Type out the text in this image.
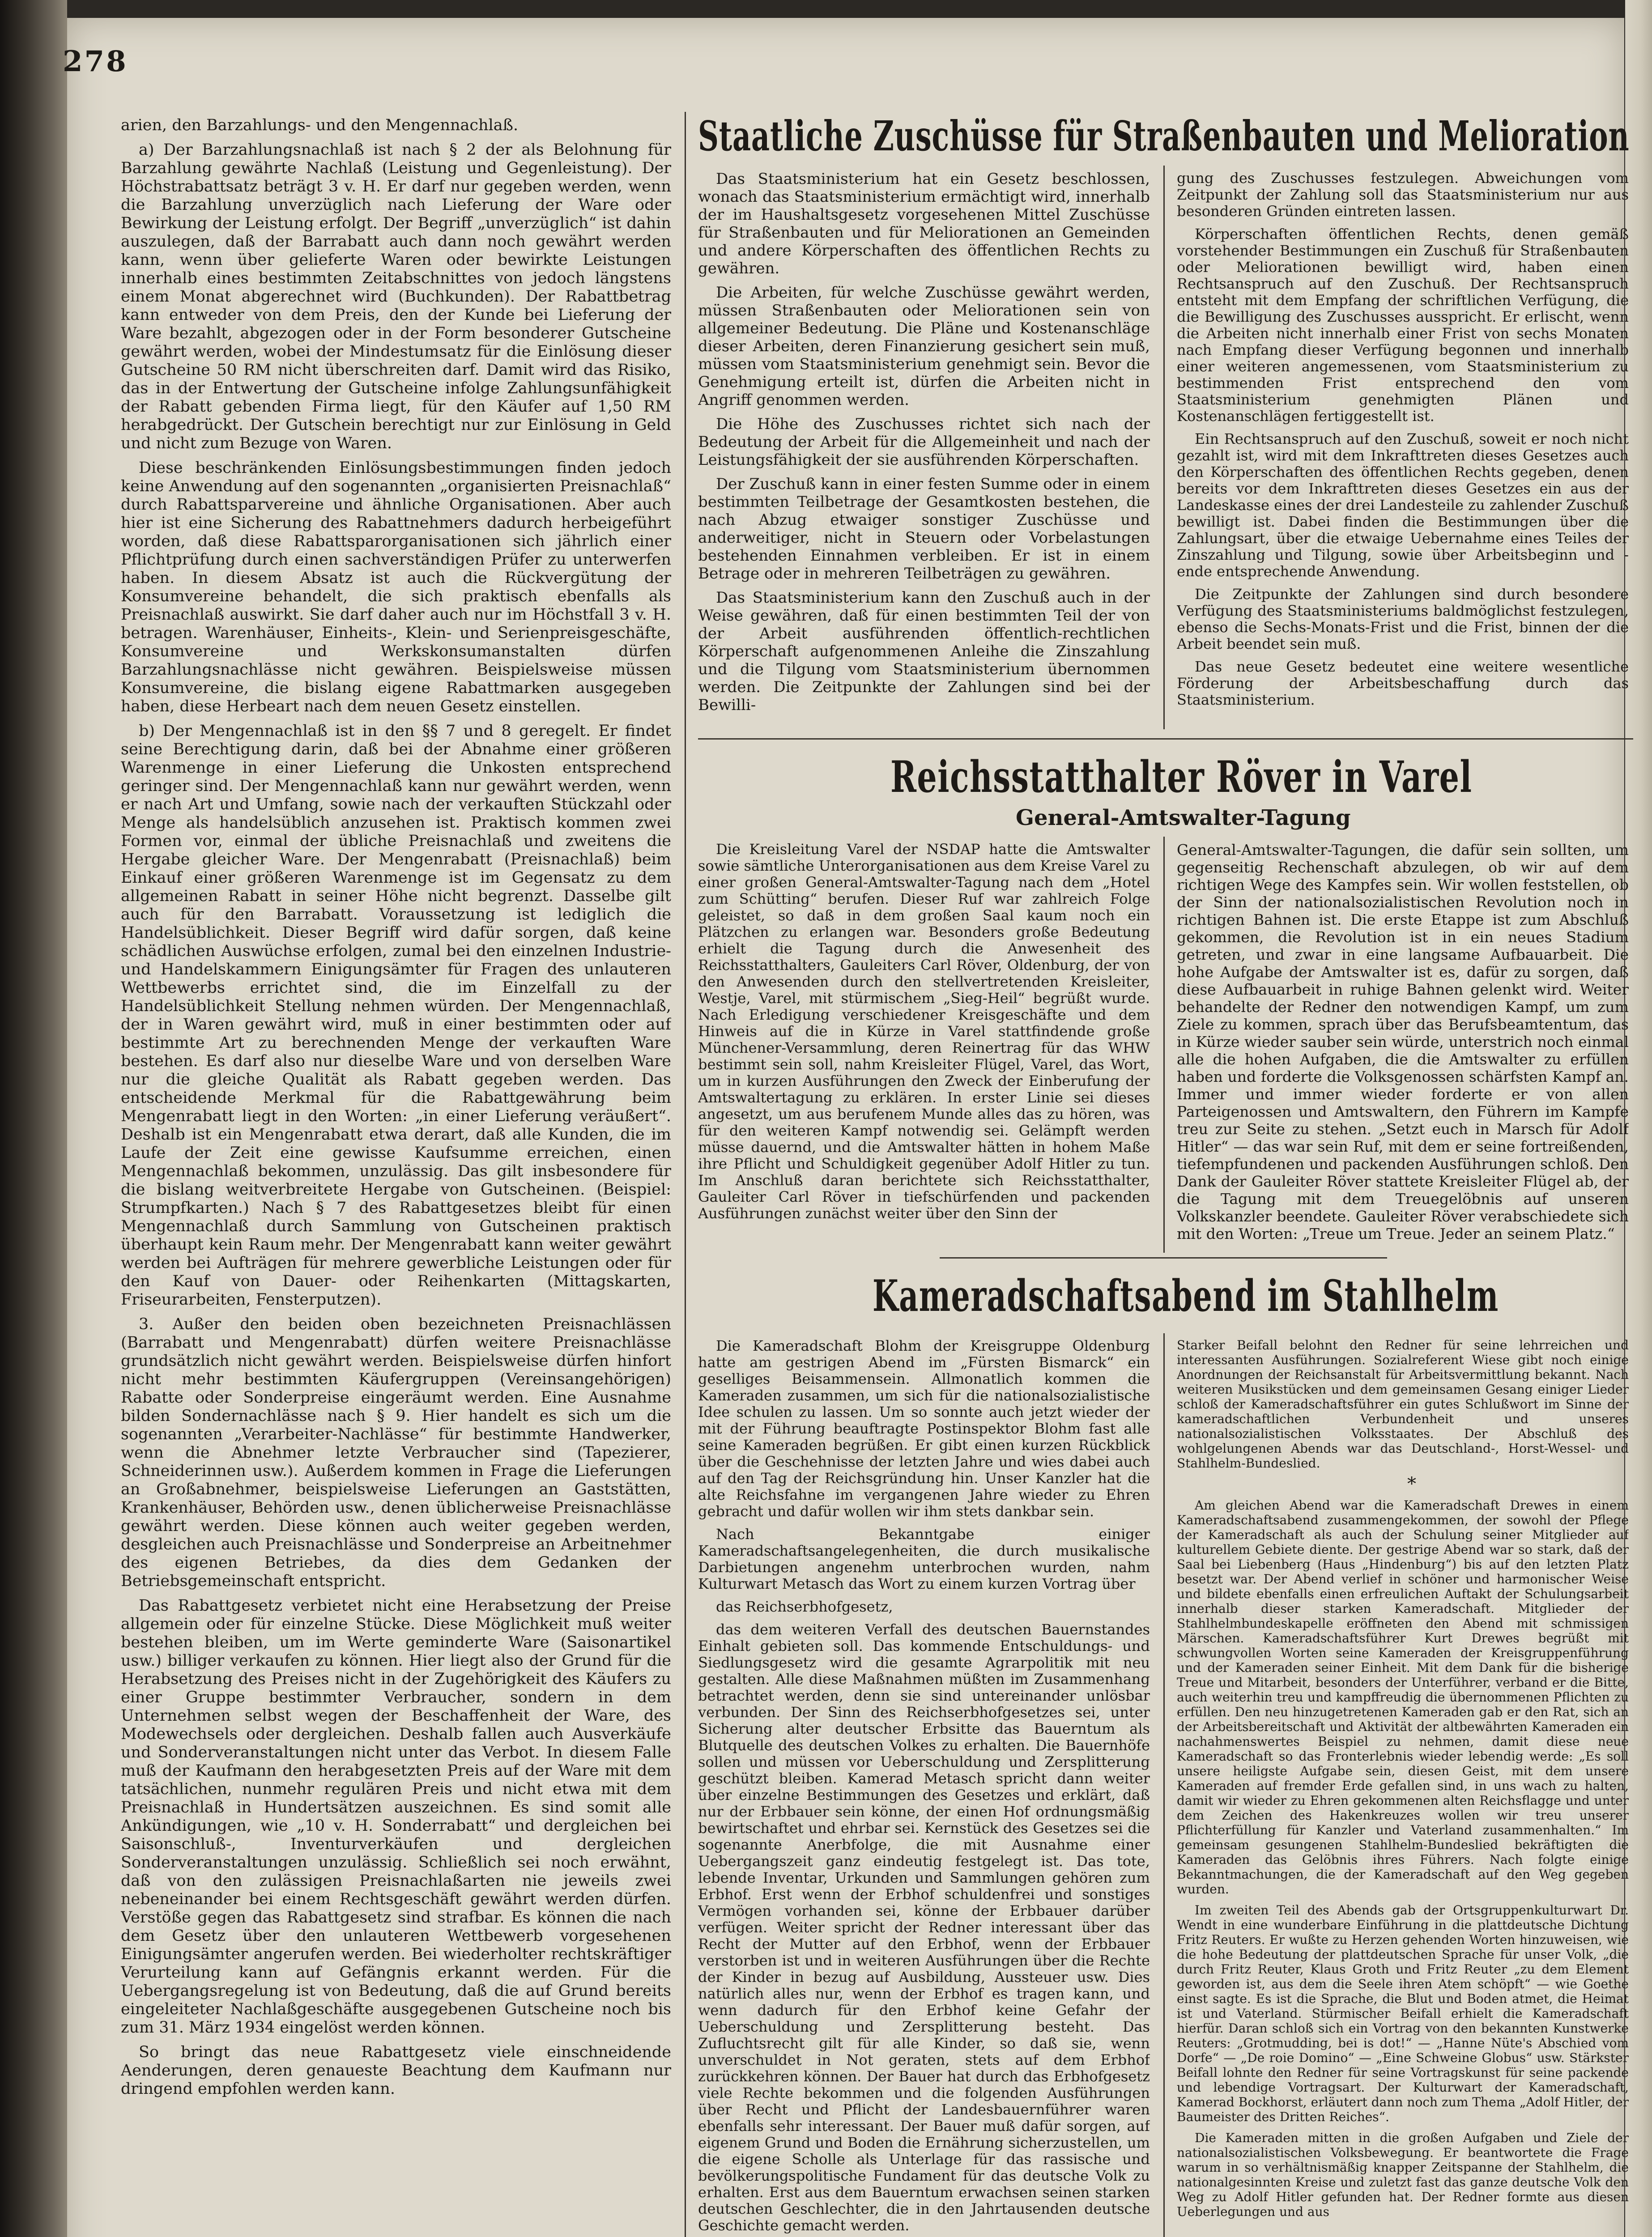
278

arien, den Barzahlungs- und den Mengennachlaß.

a) Der Barzahlungsnachlaß ist nach § 2 der als Belohnung für Barzahlung gewährte Nachlaß (Leistung und Gegenleistung). Der Höchstrabattsatz beträgt 3 v. H. Er darf nur gegeben werden, wenn die Barzahlung unverzüglich nach Lieferung der Ware oder Bewirkung der Leistung erfolgt. Der Begriff „unverzüglich“ ist dahin auszulegen, daß der Barrabatt auch dann noch gewährt werden kann, wenn über gelieferte Waren oder bewirkte Leistungen innerhalb eines bestimmten Zeitabschnittes von jedoch längstens einem Monat abgerechnet wird (Buchkunden). Der Rabattbetrag kann entweder von dem Preis, den der Kunde bei Lieferung der Ware bezahlt, abgezogen oder in der Form besonderer Gutscheine gewährt werden, wobei der Mindestumsatz für die Einlösung dieser Gutscheine 50 RM nicht überschreiten darf. Damit wird das Risiko, das in der Entwertung der Gutscheine infolge Zahlungsunfähigkeit der Rabatt gebenden Firma liegt, für den Käufer auf 1,50 RM herabgedrückt. Der Gutschein berechtigt nur zur Einlösung in Geld und nicht zum Bezuge von Waren.

Diese beschränkenden Einlösungsbestimmungen finden jedoch keine Anwendung auf den sogenannten „organisierten Preisnachlaß“ durch Rabattsparvereine und ähnliche Organisationen. Aber auch hier ist eine Sicherung des Rabattnehmers dadurch herbeigeführt worden, daß diese Rabattsparorganisationen sich jährlich einer Pflichtprüfung durch einen sachverständigen Prüfer zu unterwerfen haben. In diesem Absatz ist auch die Rückvergütung der Konsumvereine behandelt, die sich praktisch ebenfalls als Preisnachlaß auswirkt. Sie darf daher auch nur im Höchstfall 3 v. H. betragen. Warenhäuser, Einheits-, Klein- und Serienpreisgeschäfte, Konsumvereine und Werkskonsumanstalten dürfen Barzahlungsnachlässe nicht gewähren. Beispielsweise müssen Konsumvereine, die bislang eigene Rabattmarken ausgegeben haben, diese Herbeart nach dem neuen Gesetz einstellen.

b) Der Mengennachlaß ist in den §§ 7 und 8 geregelt. Er findet seine Berechtigung darin, daß bei der Abnahme einer größeren Warenmenge in einer Lieferung die Unkosten entsprechend geringer sind. Der Mengennachlaß kann nur gewährt werden, wenn er nach Art und Umfang, sowie nach der verkauften Stückzahl oder Menge als handelsüblich anzusehen ist. Praktisch kommen zwei Formen vor, einmal der übliche Preisnachlaß und zweitens die Hergabe gleicher Ware. Der Mengenrabatt (Preisnachlaß) beim Einkauf einer größeren Warenmenge ist im Gegensatz zu dem allgemeinen Rabatt in seiner Höhe nicht begrenzt. Dasselbe gilt auch für den Barrabatt. Voraussetzung ist lediglich die Handelsüblichkeit. Dieser Begriff wird dafür sorgen, daß keine schädlichen Auswüchse erfolgen, zumal bei den einzelnen Industrie- und Handelskammern Einigungsämter für Fragen des unlauteren Wettbewerbs errichtet sind, die im Einzelfall zu der Handelsüblichkeit Stellung nehmen würden. Der Mengennachlaß, der in Waren gewährt wird, muß in einer bestimmten oder auf bestimmte Art zu berechnenden Menge der verkauften Ware bestehen. Es darf also nur dieselbe Ware und von derselben Ware nur die gleiche Qualität als Rabatt gegeben werden. Das entscheidende Merkmal für die Rabattgewährung beim Mengenrabatt liegt in den Worten: „in einer Lieferung veräußert“. Deshalb ist ein Mengenrabatt etwa derart, daß alle Kunden, die im Laufe der Zeit eine gewisse Kaufsumme erreichen, einen Mengennachlaß bekommen, unzulässig. Das gilt insbesondere für die bislang weitverbreitete Hergabe von Gutscheinen. (Beispiel: Strumpfkarten.) Nach § 7 des Rabattgesetzes bleibt für einen Mengennachlaß durch Sammlung von Gutscheinen praktisch überhaupt kein Raum mehr. Der Mengenrabatt kann weiter gewährt werden bei Aufträgen für mehrere gewerbliche Leistungen oder für den Kauf von Dauer- oder Reihenkarten (Mittagskarten, Friseurarbeiten, Fensterputzen).

3. Außer den beiden oben bezeichneten Preisnachlässen (Barrabatt und Mengenrabatt) dürfen weitere Preisnachlässe grundsätzlich nicht gewährt werden. Beispielsweise dürfen hinfort nicht mehr bestimmten Käufergruppen (Vereinsangehörigen) Rabatte oder Sonderpreise eingeräumt werden. Eine Ausnahme bilden Sondernachlässe nach § 9. Hier handelt es sich um die sogenannten „Verarbeiter-Nachlässe“ für bestimmte Handwerker, wenn die Abnehmer letzte Verbraucher sind (Tapezierer, Schneiderinnen usw.). Außerdem kommen in Frage die Lieferungen an Großabnehmer, beispielsweise Lieferungen an Gaststätten, Krankenhäuser, Behörden usw., denen üblicherweise Preisnachlässe gewährt werden. Diese können auch weiter gegeben werden, desgleichen auch Preisnachlässe und Sonderpreise an Arbeitnehmer des eigenen Betriebes, da dies dem Gedanken der Betriebsgemeinschaft entspricht.

Das Rabattgesetz verbietet nicht eine Herabsetzung der Preise allgemein oder für einzelne Stücke. Diese Möglichkeit muß weiter bestehen bleiben, um im Werte geminderte Ware (Saisonartikel usw.) billiger verkaufen zu können. Hier liegt also der Grund für die Herabsetzung des Preises nicht in der Zugehörigkeit des Käufers zu einer Gruppe bestimmter Verbraucher, sondern in dem Unternehmen selbst wegen der Beschaffenheit der Ware, des Modewechsels oder dergleichen. Deshalb fallen auch Ausverkäufe und Sonderveranstaltungen nicht unter das Verbot. In diesem Falle muß der Kaufmann den herabgesetzten Preis auf der Ware mit dem tatsächlichen, nunmehr regulären Preis und nicht etwa mit dem Preisnachlaß in Hundertsätzen auszeichnen. Es sind somit alle Ankündigungen, wie „10 v. H. Sonderrabatt“ und dergleichen bei Saisonschluß-, Inventurverkäufen und dergleichen Sonderveranstaltungen unzulässig. Schließlich sei noch erwähnt, daß von den zulässigen Preisnachlaßarten nie jeweils zwei nebeneinander bei einem Rechtsgeschäft gewährt werden dürfen. Verstöße gegen das Rabattgesetz sind strafbar. Es können die nach dem Gesetz über den unlauteren Wettbewerb vorgesehenen Einigungsämter angerufen werden. Bei wiederholter rechtskräftiger Verurteilung kann auf Gefängnis erkannt werden. Für die Uebergangsregelung ist von Bedeutung, daß die auf Grund bereits eingeleiteter Nachlaßgeschäfte ausgegebenen Gutscheine noch bis zum 31. März 1934 eingelöst werden können.

So bringt das neue Rabattgesetz viele einschneidende Aenderungen, deren genaueste Beachtung dem Kaufmann nur dringend empfohlen werden kann.

Staatliche Zuschüsse für Straßenbauten und Melioration

Das Staatsministerium hat ein Gesetz beschlossen, wonach das Staatsministerium ermächtigt wird, innerhalb der im Haushaltsgesetz vorgesehenen Mittel Zuschüsse für Straßenbauten und für Meliorationen an Gemeinden und andere Körperschaften des öffentlichen Rechts zu gewähren.

Die Arbeiten, für welche Zuschüsse gewährt werden, müssen Straßenbauten oder Meliorationen sein von allgemeiner Bedeutung. Die Pläne und Kostenanschläge dieser Arbeiten, deren Finanzierung gesichert sein muß, müssen vom Staatsministerium genehmigt sein. Bevor die Genehmigung erteilt ist, dürfen die Arbeiten nicht in Angriff genommen werden.

Die Höhe des Zuschusses richtet sich nach der Bedeutung der Arbeit für die Allgemeinheit und nach der Leistungsfähigkeit der sie ausführenden Körperschaften.

Der Zuschuß kann in einer festen Summe oder in einem bestimmten Teilbetrage der Gesamtkosten bestehen, die nach Abzug etwaiger sonstiger Zuschüsse und anderweitiger, nicht in Steuern oder Vorbelastungen bestehenden Einnahmen verbleiben. Er ist in einem Betrage oder in mehreren Teilbeträgen zu gewähren.

Das Staatsministerium kann den Zuschuß auch in der Weise gewähren, daß für einen bestimmten Teil der von der Arbeit ausführenden öffentlich-rechtlichen Körperschaft aufgenommenen Anleihe die Zinszahlung und die Tilgung vom Staatsministerium übernommen werden. Die Zeitpunkte der Zahlungen sind bei der Bewilli-

gung des Zuschusses festzulegen. Abweichungen vom Zeitpunkt der Zahlung soll das Staatsministerium nur aus besonderen Gründen eintreten lassen.

Körperschaften öffentlichen Rechts, denen gemäß vorstehender Bestimmungen ein Zuschuß für Straßenbauten oder Meliorationen bewilligt wird, haben einen Rechtsanspruch auf den Zuschuß. Der Rechtsanspruch entsteht mit dem Empfang der schriftlichen Verfügung, die die Bewilligung des Zuschusses ausspricht. Er erlischt, wenn die Arbeiten nicht innerhalb einer Frist von sechs Monaten nach Empfang dieser Verfügung begonnen und innerhalb einer weiteren angemessenen, vom Staatsministerium zu bestimmenden Frist entsprechend den vom Staatsministerium genehmigten Plänen und Kostenanschlägen fertiggestellt ist.

Ein Rechtsanspruch auf den Zuschuß, soweit er noch nicht gezahlt ist, wird mit dem Inkrafttreten dieses Gesetzes auch den Körperschaften des öffentlichen Rechts gegeben, denen bereits vor dem Inkrafttreten dieses Gesetzes ein aus der Landeskasse eines der drei Landesteile zu zahlender Zuschuß bewilligt ist. Dabei finden die Bestimmungen über die Zahlungsart, über die etwaige Uebernahme eines Teiles der Zinszahlung und Tilgung, sowie über Arbeitsbeginn und -ende entsprechende Anwendung.

Die Zeitpunkte der Zahlungen sind durch besondere Verfügung des Staatsministeriums baldmöglichst festzulegen, ebenso die Sechs-Monats-Frist und die Frist, binnen der die Arbeit beendet sein muß.

Das neue Gesetz bedeutet eine weitere wesentliche Förderung der Arbeitsbeschaffung durch das Staatsministerium.

Reichsstatthalter Röver in Varel
General-Amtswalter-Tagung

Die Kreisleitung Varel der NSDAP hatte die Amtswalter sowie sämtliche Unterorganisationen aus dem Kreise Varel zu einer großen General-Amtswalter-Tagung nach dem „Hotel zum Schütting“ berufen. Dieser Ruf war zahlreich Folge geleistet, so daß in dem großen Saal kaum noch ein Plätzchen zu erlangen war. Besonders große Bedeutung erhielt die Tagung durch die Anwesenheit des Reichsstatthalters, Gauleiters Carl Röver, Oldenburg, der von den Anwesenden durch den stellvertretenden Kreisleiter, Westje, Varel, mit stürmischem „Sieg-Heil“ begrüßt wurde. Nach Erledigung verschiedener Kreisgeschäfte und dem Hinweis auf die in Kürze in Varel stattfindende große Münchener-Versammlung, deren Reinertrag für das WHW bestimmt sein soll, nahm Kreisleiter Flügel, Varel, das Wort, um in kurzen Ausführungen den Zweck der Einberufung der Amtswaltertagung zu erklären. In erster Linie sei dieses angesetzt, um aus berufenem Munde alles das zu hören, was für den weiteren Kampf notwendig sei. Gelämpft werden müsse dauernd, und die Amtswalter hätten in hohem Maße ihre Pflicht und Schuldigkeit gegenüber Adolf Hitler zu tun. Im Anschluß daran berichtete sich Reichsstatthalter, Gauleiter Carl Röver in tiefschürfenden und packenden Ausführungen zunächst weiter über den Sinn der

General-Amtswalter-Tagungen, die dafür sein sollten, um gegenseitig Rechenschaft abzulegen, ob wir auf dem richtigen Wege des Kampfes sein. Wir wollen feststellen, ob der Sinn der nationalsozialistischen Revolution noch in richtigen Bahnen ist. Die erste Etappe ist zum Abschluß gekommen, die Revolution ist in ein neues Stadium getreten, und zwar in eine langsame Aufbauarbeit. Die hohe Aufgabe der Amtswalter ist es, dafür zu sorgen, daß diese Aufbauarbeit in ruhige Bahnen gelenkt wird. Weiter behandelte der Redner den notwendigen Kampf, um zum Ziele zu kommen, sprach über das Berufsbeamtentum, das in Kürze wieder sauber sein würde, unterstrich noch einmal alle die hohen Aufgaben, die die Amtswalter zu erfüllen haben und forderte die Volksgenossen schärfsten Kampf an. Immer und immer wieder forderte er von allen Parteigenossen und Amtswaltern, den Führern im Kampfe treu zur Seite zu stehen. „Setzt euch in Marsch für Adolf Hitler“ — das war sein Ruf, mit dem er seine fortreißenden, tiefempfundenen und packenden Ausführungen schloß. Den Dank der Gauleiter Röver stattete Kreisleiter Flügel ab, der die Tagung mit dem Treuegelöbnis auf unseren Volkskanzler beendete. Gauleiter Röver verabschiedete sich mit den Worten: „Treue um Treue. Jeder an seinem Platz.“

Kameradschaftsabend im Stahlhelm

Die Kameradschaft Blohm der Kreisgruppe Oldenburg hatte am gestrigen Abend im „Fürsten Bismarck“ ein geselliges Beisammensein. Allmonatlich kommen die Kameraden zusammen, um sich für die nationalsozialistische Idee schulen zu lassen. Um so sonnte auch jetzt wieder der mit der Führung beauftragte Postinspektor Blohm fast alle seine Kameraden begrüßen. Er gibt einen kurzen Rückblick über die Geschehnisse der letzten Jahre und wies dabei auch auf den Tag der Reichsgründung hin. Unser Kanzler hat die alte Reichsfahne im vergangenen Jahre wieder zu Ehren gebracht und dafür wollen wir ihm stets dankbar sein.

Nach Bekanntgabe einiger Kameradschaftsangelegenheiten, die durch musikalische Darbietungen angenehm unterbrochen wurden, nahm Kulturwart Metasch das Wort zu einem kurzen Vortrag über

das Reichserbhofgesetz,

das dem weiteren Verfall des deutschen Bauernstandes Einhalt gebieten soll. Das kommende Entschuldungs- und Siedlungsgesetz wird die gesamte Agrarpolitik mit neu gestalten. Alle diese Maßnahmen müßten im Zusammenhang betrachtet werden, denn sie sind untereinander unlösbar verbunden. Der Sinn des Reichserbhofgesetzes sei, unter Sicherung alter deutscher Erbsitte das Bauerntum als Blutquelle des deutschen Volkes zu erhalten. Die Bauernhöfe sollen und müssen vor Ueberschuldung und Zersplitterung geschützt bleiben. Kamerad Metasch spricht dann weiter über einzelne Bestimmungen des Gesetzes und erklärt, daß nur der Erbbauer sein könne, der einen Hof ordnungsmäßig bewirtschaftet und ehrbar sei. Kernstück des Gesetzes sei die sogenannte Anerbfolge, die mit Ausnahme einer Uebergangszeit ganz eindeutig festgelegt ist. Das tote, lebende Inventar, Urkunden und Sammlungen gehören zum Erbhof. Erst wenn der Erbhof schuldenfrei und sonstiges Vermögen vorhanden sei, könne der Erbbauer darüber verfügen. Weiter spricht der Redner interessant über das Recht der Mutter auf den Erbhof, wenn der Erbbauer verstorben ist und in weiteren Ausführungen über die Rechte der Kinder in bezug auf Ausbildung, Aussteuer usw. Dies natürlich alles nur, wenn der Erbhof es tragen kann, und wenn dadurch für den Erbhof keine Gefahr der Ueberschuldung und Zersplitterung besteht. Das Zufluchtsrecht gilt für alle Kinder, so daß sie, wenn unverschuldet in Not geraten, stets auf dem Erbhof zurückkehren können. Der Bauer hat durch das Erbhofgesetz viele Rechte bekommen und die folgenden Ausführungen über Recht und Pflicht der Landesbauernführer waren ebenfalls sehr interessant. Der Bauer muß dafür sorgen, auf eigenem Grund und Boden die Ernährung sicherzustellen, um die eigene Scholle als Unterlage für das rassische und bevölkerungspolitische Fundament für das deutsche Volk zu erhalten. Erst aus dem Bauerntum erwachsen seinen starken deutschen Geschlechter, die in den Jahrtausenden deutsche Geschichte gemacht werden.

Starker Beifall belohnt den Redner für seine lehrreichen und interessanten Ausführungen. Sozialreferent Wiese gibt noch einige Anordnungen der Reichsanstalt für Arbeitsvermittlung bekannt. Nach weiteren Musikstücken und dem gemeinsamen Gesang einiger Lieder schloß der Kameradschaftsführer ein gutes Schlußwort im Sinne der kameradschaftlichen Verbundenheit und unseres nationalsozialistischen Volksstaates. Der Abschluß des wohlgelungenen Abends war das Deutschland-, Horst-Wessel- und Stahlhelm-Bundeslied.

*

Am gleichen Abend war die Kameradschaft Drewes in einem Kameradschaftsabend zusammengekommen, der sowohl der Pflege der Kameradschaft als auch der Schulung seiner Mitglieder auf kulturellem Gebiete diente. Der gestrige Abend war so stark, daß der Saal bei Liebenberg (Haus „Hindenburg“) bis auf den letzten Platz besetzt war. Der Abend verlief in schöner und harmonischer Weise und bildete ebenfalls einen erfreulichen Auftakt der Schulungsarbeit innerhalb dieser starken Kameradschaft. Mitglieder der Stahlhelmbundeskapelle eröffneten den Abend mit schmissigen Märschen. Kameradschaftsführer Kurt Drewes begrüßt mit schwungvollen Worten seine Kameraden der Kreisgruppenführung und der Kameraden seiner Einheit. Mit dem Dank für die bisherige Treue und Mitarbeit, besonders der Unterführer, verband er die Bitte, auch weiterhin treu und kampffreudig die übernommenen Pflichten zu erfüllen. Den neu hinzugetretenen Kameraden gab er den Rat, sich an der Arbeitsbereitschaft und Aktivität der altbewährten Kameraden ein nachahmenswertes Beispiel zu nehmen, damit diese neue Kameradschaft so das Fronterlebnis wieder lebendig werde: „Es soll unsere heiligste Aufgabe sein, diesen Geist, mit dem unsere Kameraden auf fremder Erde gefallen sind, in uns wach zu halten, damit wir wieder zu Ehren gekommenen alten Reichsflagge und unter dem Zeichen des Hakenkreuzes wollen wir treu unserer Pflichterfüllung für Kanzler und Vaterland zusammenhalten.“ Im gemeinsam gesungenen Stahlhelm-Bundeslied bekräftigten die Kameraden das Gelöbnis ihres Führers. Nach folgte einige Bekanntmachungen, die der Kameradschaft auf den Weg gegeben wurden.

Im zweiten Teil des Abends gab der Ortsgruppenkulturwart Dr. Wendt in eine wunderbare Einführung in die plattdeutsche Dichtung Fritz Reuters. Er wußte zu Herzen gehenden Worten hinzuweisen, wie die hohe Bedeutung der plattdeutschen Sprache für unser Volk, „die durch Fritz Reuter, Klaus Groth und Fritz Reuter „zu dem Element geworden ist, aus dem die Seele ihren Atem schöpft“ — wie Goethe einst sagte. Es ist die Sprache, die Blut und Boden atmet, die Heimat ist und Vaterland. Stürmischer Beifall erhielt die Kameradschaft hierfür. Daran schloß sich ein Vortrag von den bekannten Kunstwerke Reuters: „Grotmudding, bei is dot!“ — „Hanne Nüte's Abschied vom Dorfe“ — „De roie Domino“ — „Eine Schweine Globus“ usw. Stärkster Beifall lohnte den Redner für seine Vortragskunst für seine packende und lebendige Vortragsart. Der Kulturwart der Kameradschaft, Kamerad Bockhorst, erläutert dann noch zum Thema „Adolf Hitler, der Baumeister des Dritten Reiches“.

Die Kameraden mitten in die großen Aufgaben und Ziele der nationalsozialistischen Volksbewegung. Er beantwortete die Frage warum in so verhältnismäßig knapper Zeitspanne der Stahlhelm, die nationalgesinnten Kreise und zuletzt fast das ganze deutsche Volk den Weg zu Adolf Hitler gefunden hat. Der Redner formte aus diesen Ueberlegungen und aus
